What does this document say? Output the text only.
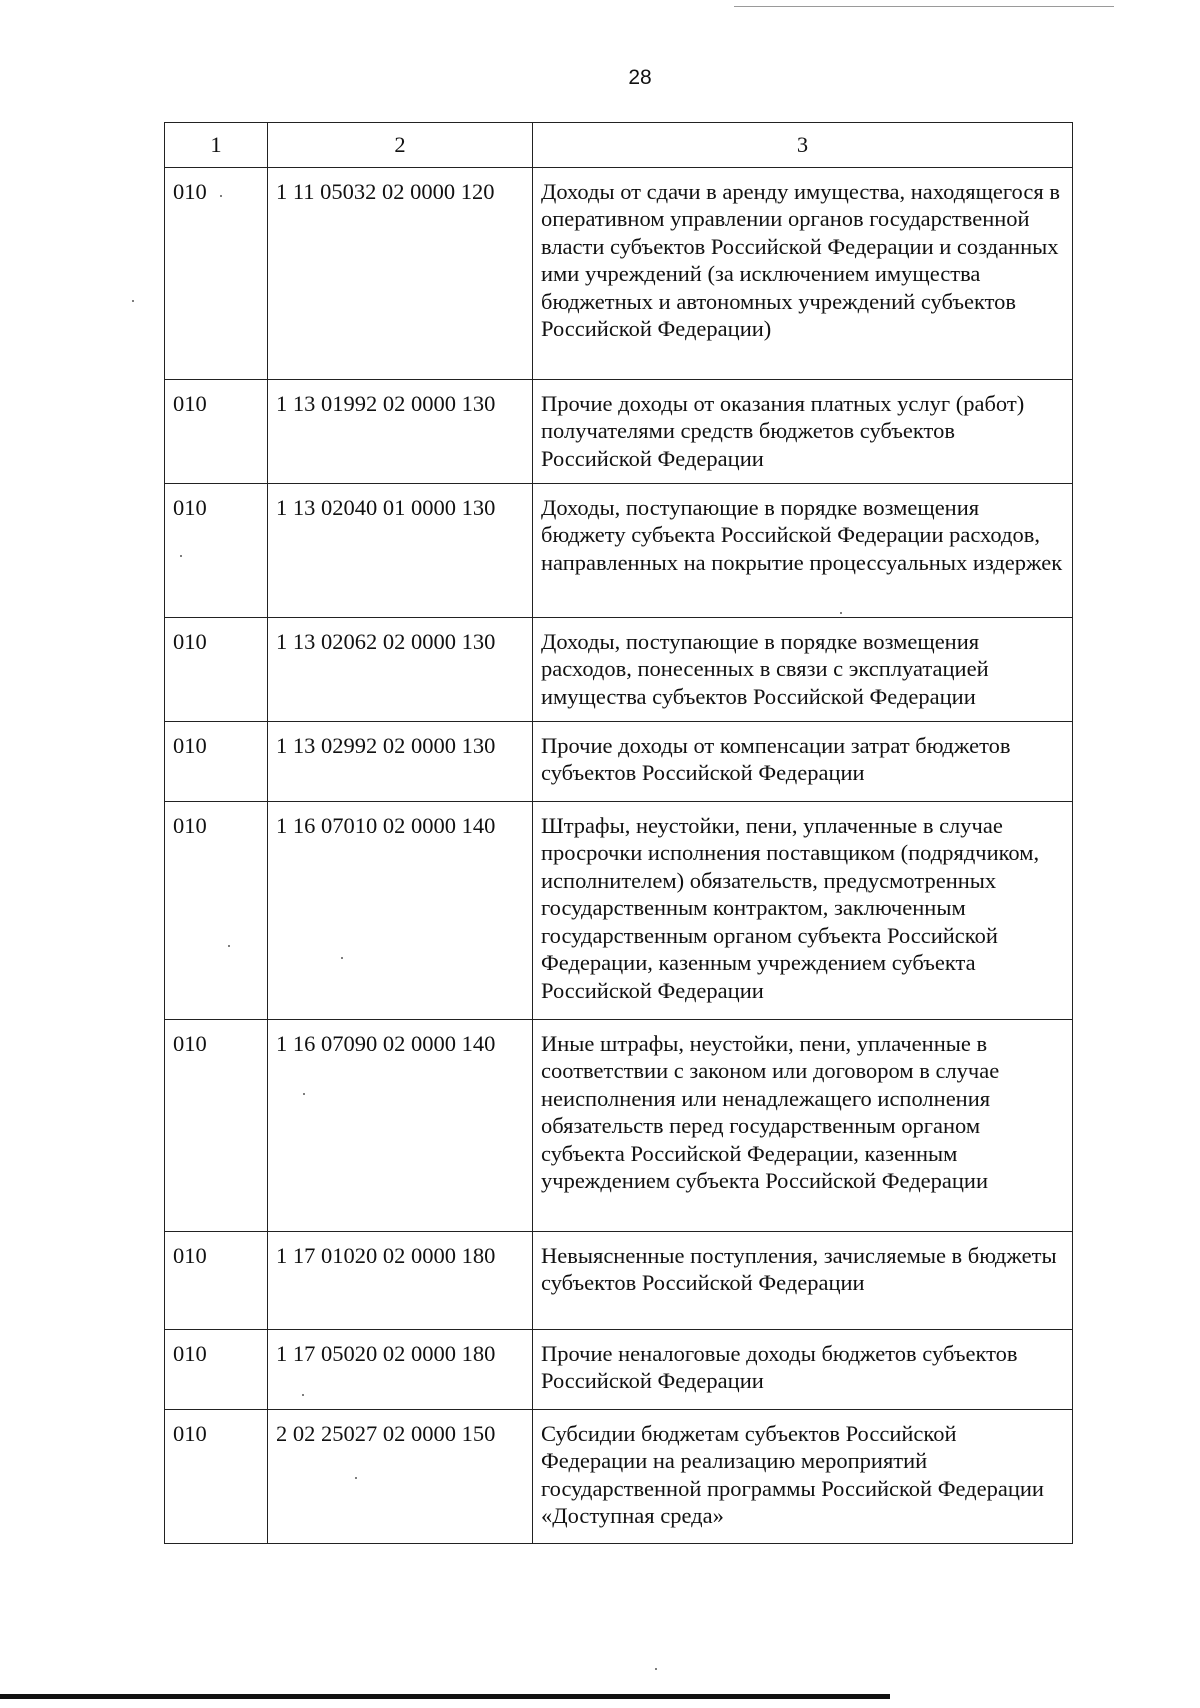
28
1	2	3
010	1 11 05032 02 0000 120	Доходы от сдачи в аренду имущества, находящегося в оперативном управлении органов государственной власти субъектов Российской Федерации и созданных ими учреждений (за исключением имущества бюджетных и автономных учреждений субъектов Российской Федерации)
010	1 13 01992 02 0000 130	Прочие доходы от оказания платных услуг (работ) получателями средств бюджетов субъектов Российской Федерации
010	1 13 02040 01 0000 130	Доходы, поступающие в порядке возмещения бюджету субъекта Российской Федерации расходов, направленных на покрытие процессуальных издержек
010	1 13 02062 02 0000 130	Доходы, поступающие в порядке возмещения расходов, понесенных в связи с эксплуатацией имущества субъектов Российской Федерации
010	1 13 02992 02 0000 130	Прочие доходы от компенсации затрат бюджетов субъектов Российской Федерации
010	1 16 07010 02 0000 140	Штрафы, неустойки, пени, уплаченные в случае просрочки исполнения поставщиком (подрядчиком, исполнителем) обязательств, предусмотренных государственным контрактом, заключенным государственным органом субъекта Российской Федерации, казенным учреждением субъекта Российской Федерации
010	1 16 07090 02 0000 140	Иные штрафы, неустойки, пени, уплаченные в соответствии с законом или договором в случае неисполнения или ненадлежащего исполнения обязательств перед государственным органом субъекта Российской Федерации, казенным учреждением субъекта Российской Федерации
010	1 17 01020 02 0000 180	Невыясненные поступления, зачисляемые в бюджеты субъектов Российской Федерации
010	1 17 05020 02 0000 180	Прочие неналоговые доходы бюджетов субъектов Российской Федерации
010	2 02 25027 02 0000 150	Субсидии бюджетам субъектов Российской Федерации на реализацию мероприятий государственной программы Российской Федерации «Доступная среда»
